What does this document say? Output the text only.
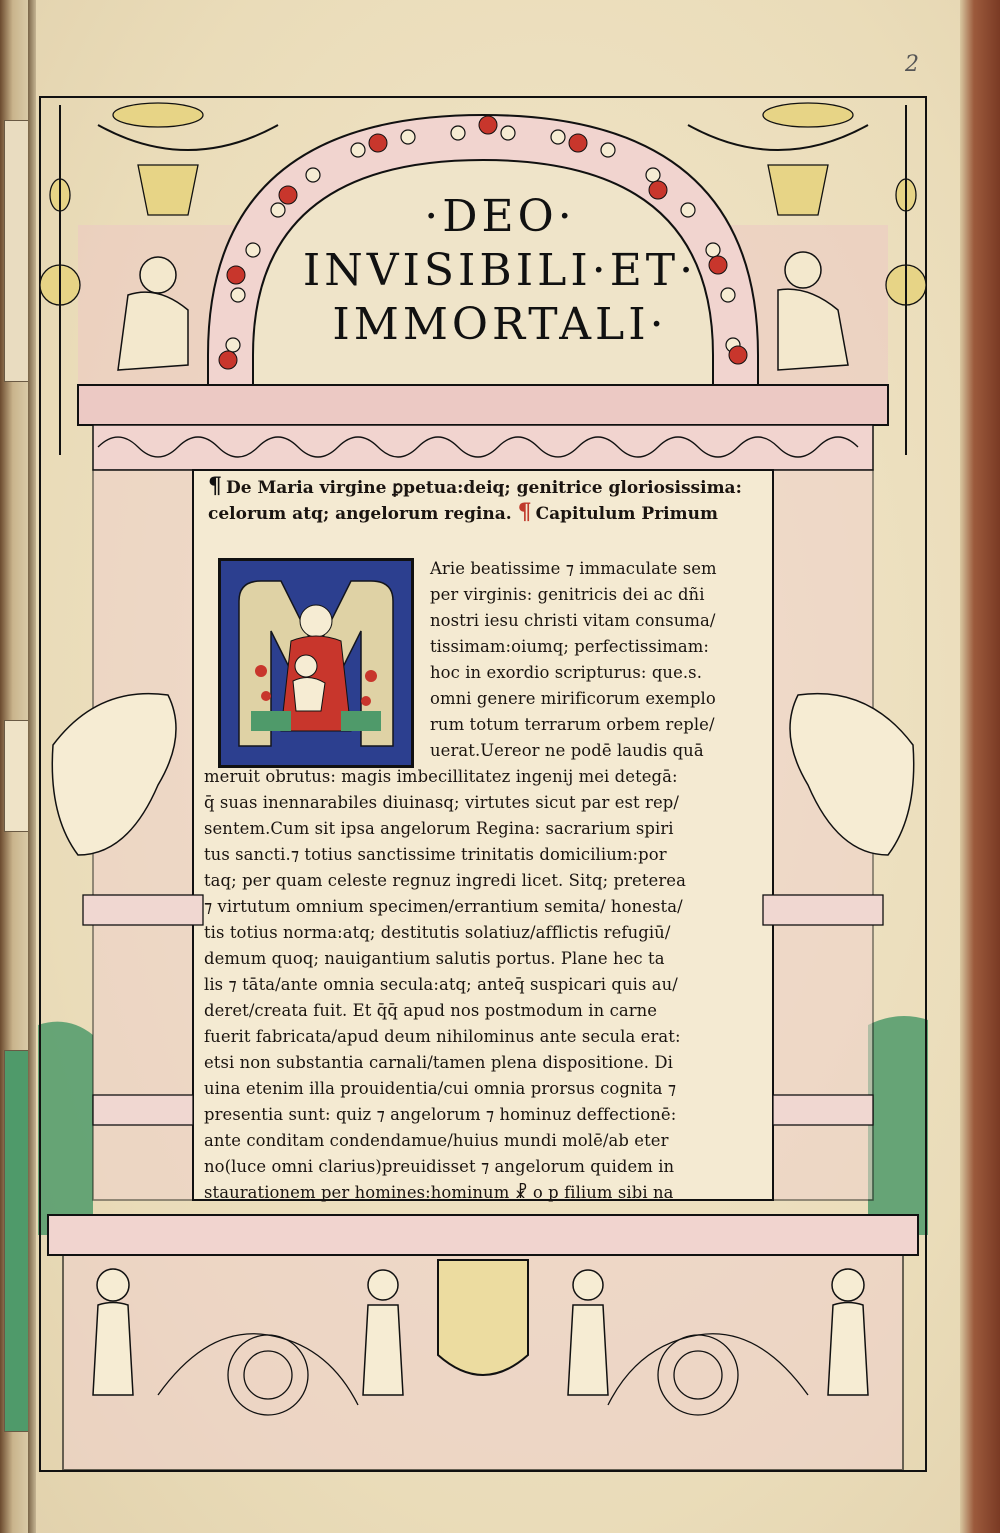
2
·DEO·
INVISIBILI·ET·
IMMORTALI·
¶ De Maria virgine ꝑpetua:deiq; genitrice gloriosissima:
celorum atq; angelorum regina. ¶ Capitulum Primum
Arie beatissime ⁊ immaculate sem
per virginis: genitricis dei ac dñi
nostri iesu christi vitam consuma/
tissimam:oiumq; perfectissimam:
hoc in exordio scripturus: que.s.
omni genere mirificorum exemplo
rum totum terrarum orbem reple/
uerat.Uereor ne podē laudis quā
meruit obrutus: magis imbecillitatez ingenij mei detegā:
q̄ suas inennarabiles diuinasq; virtutes sicut par est rep/
sentem.Cum sit ipsa angelorum Regina: sacrarium spiri
tus sancti.⁊ totius sanctissime trinitatis domicilium:por
taq; per quam celeste regnuz ingredi licet. Sitq; preterea
⁊ virtutum omnium specimen/errantium semita/ honesta/
tis totius norma:atq; destitutis solatiuz/afflictis refugiū/
demum quoq; nauigantium salutis portus. Plane hec ta
lis ⁊ tāta/ante omnia secula:atq; anteq̄ suspicari quis au/
deret/creata fuit. Et q̄q̄ apud nos postmodum in carne
fuerit fabricata/apud deum nihilominus ante secula erat:
etsi non substantia carnali/tamen plena dispositione. Di
uina etenim illa prouidentia/cui omnia prorsus cognita ⁊
presentia sunt: quiz ⁊ angelorum ⁊ hominuz deffectionē:
ante conditam condendamue/huius mundi molē/ab eter
no(luce omni clarius)preuidisset ⁊ angelorum quidem in
staurationem per homines:hominum ☧ o p filium sibi na
